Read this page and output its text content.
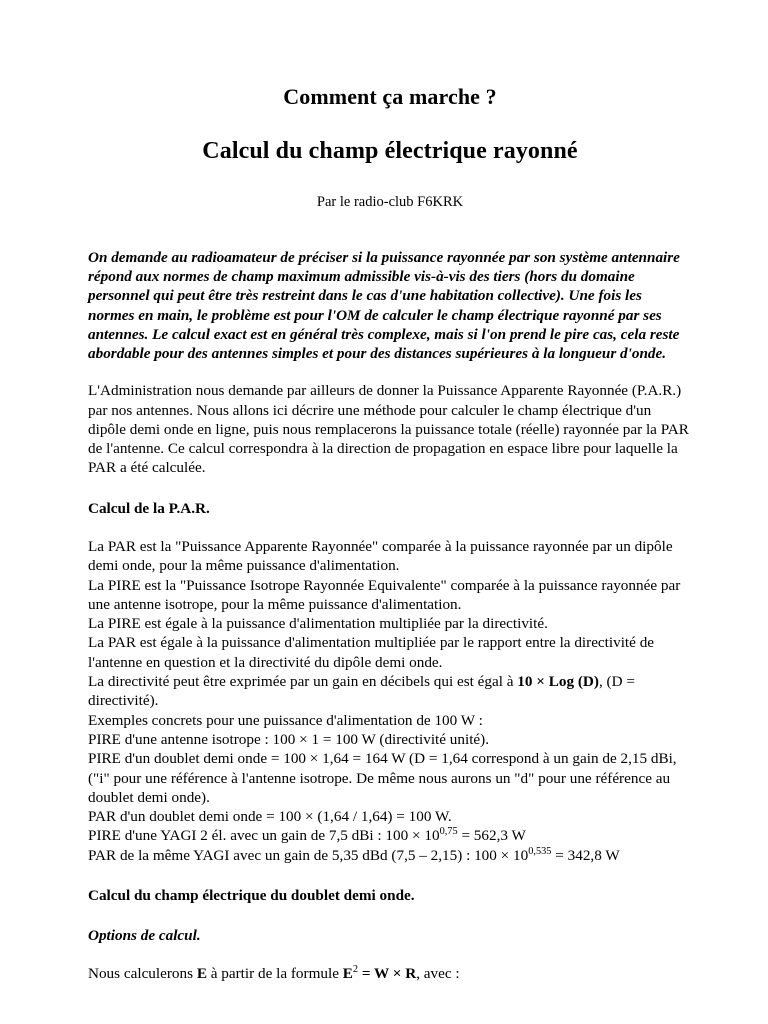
Comment ça marche ?
Calcul du champ électrique rayonné

Par le radio-club F6KRK

On demande au radioamateur de préciser si la puissance rayonnée par son système antennaire répond aux normes de champ maximum admissible vis-à-vis des tiers (hors du domaine personnel qui peut être très restreint dans le cas d'une habitation collective). Une fois les normes en main, le problème est pour l'OM de calculer le champ électrique rayonné par ses antennes. Le calcul exact est en général très complexe, mais si l'on prend le pire cas, cela reste abordable pour des antennes simples et pour des distances supérieures à la longueur d'onde.

L'Administration nous demande par ailleurs de donner la Puissance Apparente Rayonnée (P.A.R.) par nos antennes. Nous allons ici décrire une méthode pour calculer le champ électrique d'un dipôle demi onde en ligne, puis nous remplacerons la puissance totale (réelle) rayonnée par la PAR de l'antenne. Ce calcul correspondra à la direction de propagation en espace libre pour laquelle la PAR a été calculée.

Calcul de la P.A.R.

La PAR est la "Puissance Apparente Rayonnée" comparée à la puissance rayonnée par un dipôle demi onde, pour la même puissance d'alimentation.
La PIRE est la "Puissance Isotrope Rayonnée Equivalente" comparée à la puissance rayonnée par une antenne isotrope, pour la même puissance d'alimentation.
La PIRE est égale à la puissance d'alimentation multipliée par la directivité.
La PAR est égale à la puissance d'alimentation multipliée par le rapport entre la directivité de l'antenne en question et la directivité du dipôle demi onde.
La directivité peut être exprimée par un gain en décibels qui est égal à 10 × Log (D), (D = directivité).
Exemples concrets pour une puissance d'alimentation de 100 W :
PIRE d'une antenne isotrope : 100 × 1 = 100 W (directivité unité).
PIRE d'un doublet demi onde = 100 × 1,64 = 164 W (D = 1,64 correspond à un gain de 2,15 dBi, ("i" pour une référence à l'antenne isotrope. De même nous aurons un "d" pour une référence au doublet demi onde).
PAR d'un doublet demi onde = 100 × (1,64 / 1,64) = 100 W.
PIRE d'une YAGI 2 él. avec un gain de 7,5 dBi : $100 \times 10^{0,75} = 562,3$ W
PAR de la même YAGI avec un gain de 5,35 dBd (7,5 – 2,15) : $100 \times 10^{0,535} = 342,8$ W

Calcul du champ électrique du doublet demi onde.

Options de calcul.

Nous calculerons E à partir de la formule $E^2 = W \times R$, avec :
